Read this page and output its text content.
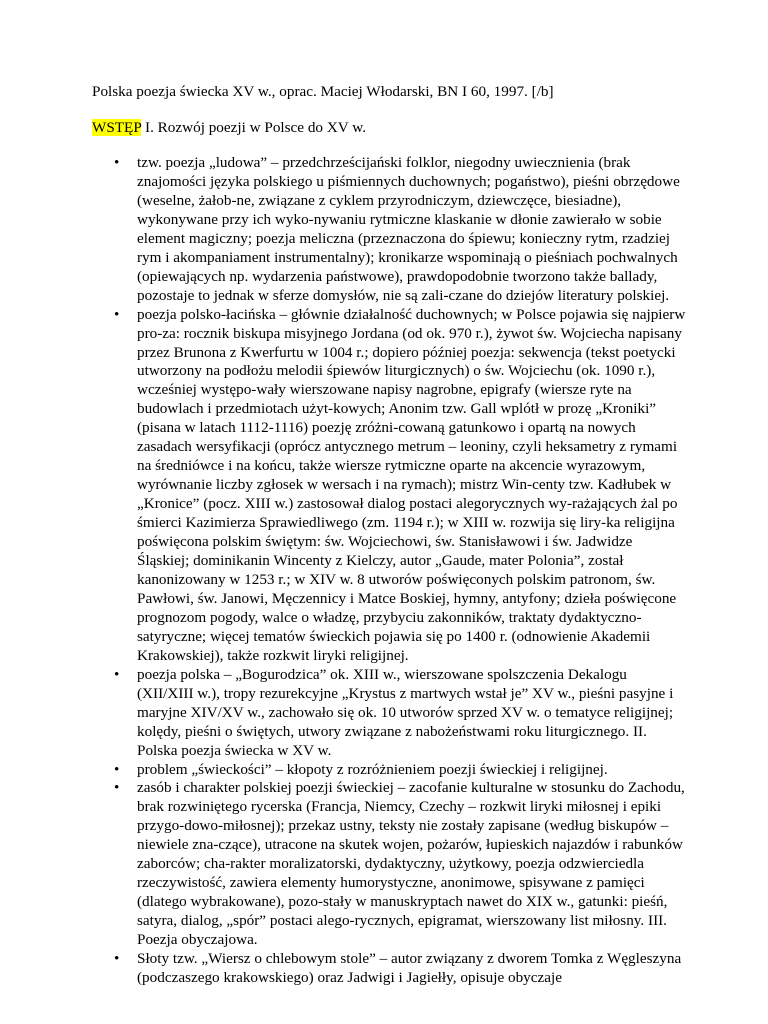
Polska poezja świecka XV w., oprac. Maciej Włodarski, BN I 60, 1997. [/b]

WSTĘP I. Rozwój poezji w Polsce do XV w.

• tzw. poezja „ludowa” – przedchrześcijański folklor, niegodny uwiecznienia (brak znajomości języka polskiego u piśmiennych duchownych; pogaństwo), pieśni obrzędowe (weselne, żałob-ne, związane z cyklem przyrodniczym, dziewczęce, biesiadne), wykonywane przy ich wyko-nywaniu rytmiczne klaskanie w dłonie zawierało w sobie element magiczny; poezja meliczna (przeznaczona do śpiewu; konieczny rytm, rzadziej rym i akompaniament instrumentalny); kronikarze wspominają o pieśniach pochwalnych (opiewających np. wydarzenia państwowe), prawdopodobnie tworzono także ballady, pozostaje to jednak w sferze domysłów, nie są zali-czane do dziejów literatury polskiej.
• poezja polsko-łacińska – głównie działalność duchownych; w Polsce pojawia się najpierw pro-za: rocznik biskupa misyjnego Jordana (od ok. 970 r.), żywot św. Wojciecha napisany przez Brunona z Kwerfurtu w 1004 r.; dopiero później poezja: sekwencja (tekst poetycki utworzony na podłożu melodii śpiewów liturgicznych) o św. Wojciechu (ok. 1090 r.), wcześniej występo-wały wierszowane napisy nagrobne, epigrafy (wiersze ryte na budowlach i przedmiotach użyt-kowych; Anonim tzw. Gall wplótł w prozę „Kroniki” (pisana w latach 1112-1116) poezję zróżni-cowaną gatunkowo i opartą na nowych zasadach wersyfikacji (oprócz antycznego metrum – leoniny, czyli heksametry z rymami na średniówce i na końcu, także wiersze rytmiczne oparte na akcencie wyrazowym, wyrównanie liczby zgłosek w wersach i na rymach); mistrz Win-centy tzw. Kadłubek w „Kronice” (pocz. XIII w.) zastosował dialog postaci alegorycznych wy-rażających żal po śmierci Kazimierza Sprawiedliwego (zm. 1194 r.); w XIII w. rozwija się liry-ka religijna poświęcona polskim świętym: św. Wojciechowi, św. Stanisławowi i św. Jadwidze Śląskiej; dominikanin Wincenty z Kielczy, autor „Gaude, mater Polonia”, został kanonizowany w 1253 r.; w XIV w. 8 utworów poświęconych polskim patronom, św. Pawłowi, św. Janowi, Męczennicy i Matce Boskiej, hymny, antyfony; dzieła poświęcone prognozom pogody, walce o władzę, przybyciu zakonników, traktaty dydaktyczno-satyryczne; więcej tematów świeckich pojawia się po 1400 r. (odnowienie Akademii Krakowskiej), także rozkwit liryki religijnej.
• poezja polska – „Bogurodzica” ok. XIII w., wierszowane spolszczenia Dekalogu (XII/XIII w.), tropy rezurekcyjne „Krystus z martwych wstał je” XV w., pieśni pasyjne i maryjne XIV/XV w., zachowało się ok. 10 utworów sprzed XV w. o tematyce religijnej; kolędy, pieśni o świętych, utwory związane z nabożeństwami roku liturgicznego. II. Polska poezja świecka w XV w.
• problem „świeckości” – kłopoty z rozróżnieniem poezji świeckiej i religijnej.
• zasób i charakter polskiej poezji świeckiej – zacofanie kulturalne w stosunku do Zachodu, brak rozwiniętego rycerska (Francja, Niemcy, Czechy – rozkwit liryki miłosnej i epiki przygo-dowo-miłosnej); przekaz ustny, teksty nie zostały zapisane (według biskupów – niewiele zna-czące), utracone na skutek wojen, pożarów, łupieskich najazdów i rabunków zaborców; cha-rakter moralizatorski, dydaktyczny, użytkowy, poezja odzwierciedla rzeczywistość, zawiera elementy humorystyczne, anonimowe, spisywane z pamięci (dlatego wybrakowane), pozo-stały w manuskryptach nawet do XIX w., gatunki: pieśń, satyra, dialog, „spór” postaci alego-rycznych, epigramat, wierszowany list miłosny. III. Poezja obyczajowa.
• Słoty tzw. „Wiersz o chlebowym stole” – autor związany z dworem Tomka z Węgleszyna (podczaszego krakowskiego) oraz Jadwigi i Jagiełły, opisuje obyczaje
